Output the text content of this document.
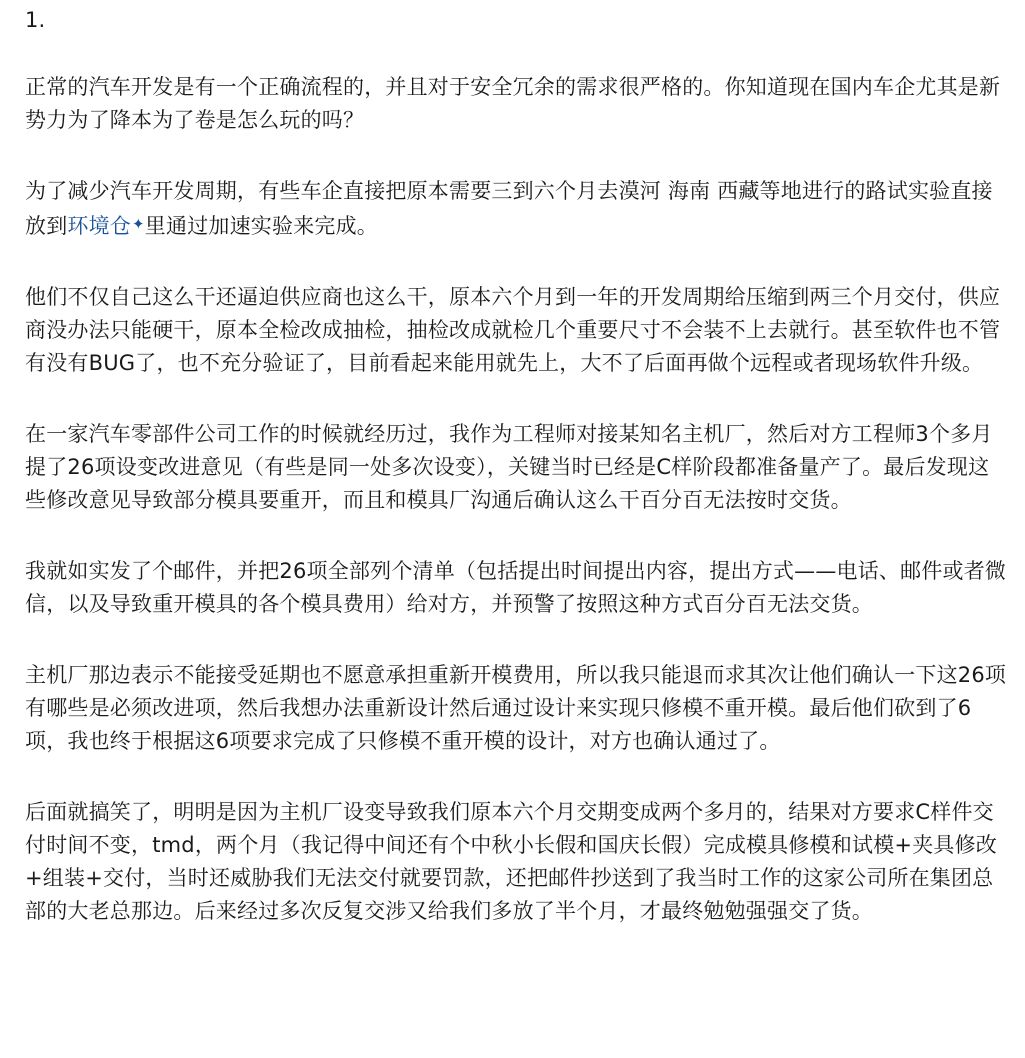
1.

正常的汽车开发是有一个正确流程的，并且对于安全冗余的需求很严格的。你知道现在国内车企尤其是新势力为了降本为了卷是怎么玩的吗？

为了减少汽车开发周期，有些车企直接把原本需要三到六个月去漠河 海南 西藏等地进行的路试实验直接放到环境仓✦里通过加速实验来完成。

他们不仅自己这么干还逼迫供应商也这么干，原本六个月到一年的开发周期给压缩到两三个月交付，供应商没办法只能硬干，原本全检改成抽检，抽检改成就检几个重要尺寸不会装不上去就行。甚至软件也不管有没有BUG了，也不充分验证了，目前看起来能用就先上，大不了后面再做个远程或者现场软件升级。

在一家汽车零部件公司工作的时候就经历过，我作为工程师对接某知名主机厂，然后对方工程师3个多月提了26项设变改进意见（有些是同一处多次设变），关键当时已经是C样阶段都准备量产了。最后发现这些修改意见导致部分模具要重开，而且和模具厂沟通后确认这么干百分百无法按时交货。

我就如实发了个邮件，并把26项全部列个清单（包括提出时间提出内容，提出方式——电话、邮件或者微信，以及导致重开模具的各个模具费用）给对方，并预警了按照这种方式百分百无法交货。

主机厂那边表示不能接受延期也不愿意承担重新开模费用，所以我只能退而求其次让他们确认一下这26项有哪些是必须改进项，然后我想办法重新设计然后通过设计来实现只修模不重开模。最后他们砍到了6项，我也终于根据这6项要求完成了只修模不重开模的设计，对方也确认通过了。

后面就搞笑了，明明是因为主机厂设变导致我们原本六个月交期变成两个多月的，结果对方要求C样件交付时间不变，tmd，两个月（我记得中间还有个中秋小长假和国庆长假）完成模具修模和试模+夹具修改+组装+交付，当时还威胁我们无法交付就要罚款，还把邮件抄送到了我当时工作的这家公司所在集团总部的大老总那边。后来经过多次反复交涉又给我们多放了半个月，才最终勉勉强强交了货。
